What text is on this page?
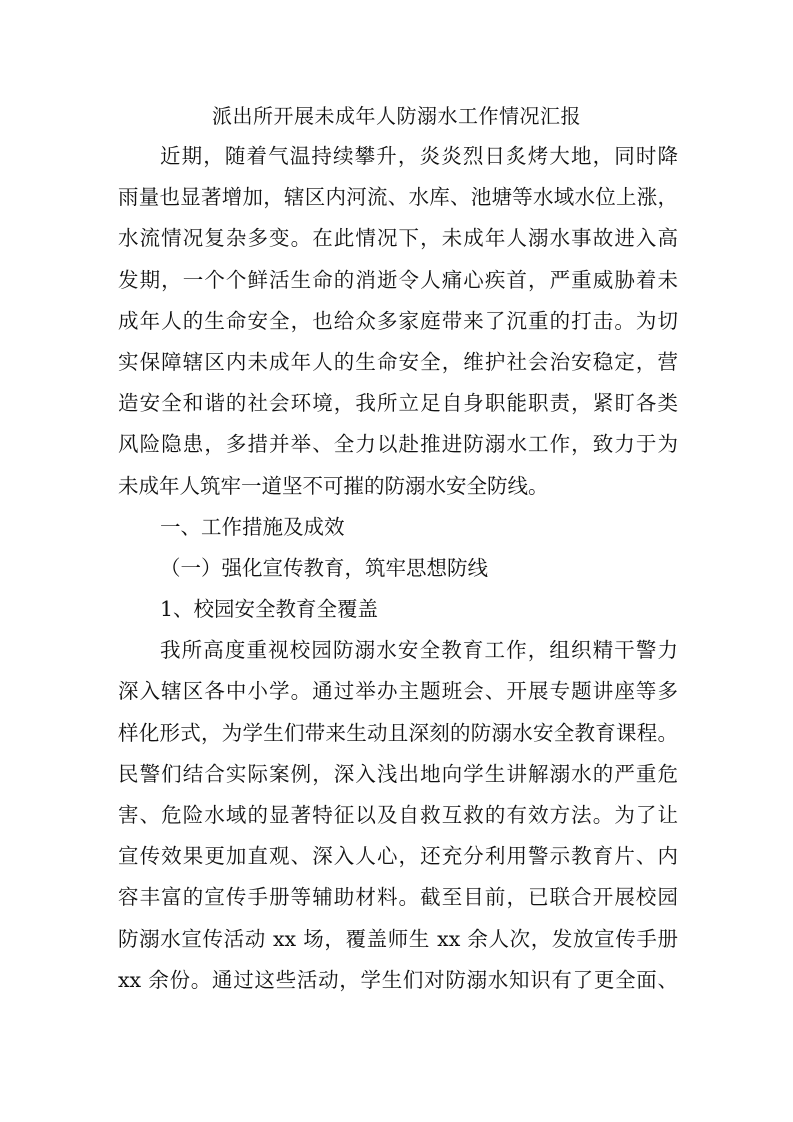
派出所开展未成年人防溺水工作情况汇报
近期，随着气温持续攀升，炎炎烈日炙烤大地，同时降
雨量也显著增加，辖区内河流、水库、池塘等水域水位上涨，
水流情况复杂多变。在此情况下，未成年人溺水事故进入高
发期，一个个鲜活生命的消逝令人痛心疾首，严重威胁着未
成年人的生命安全，也给众多家庭带来了沉重的打击。为切
实保障辖区内未成年人的生命安全，维护社会治安稳定，营
造安全和谐的社会环境，我所立足自身职能职责，紧盯各类
风险隐患，多措并举、全力以赴推进防溺水工作，致力于为
未成年人筑牢一道坚不可摧的防溺水安全防线。
一、工作措施及成效
（一）强化宣传教育，筑牢思想防线
1、校园安全教育全覆盖
我所高度重视校园防溺水安全教育工作，组织精干警力
深入辖区各中小学。通过举办主题班会、开展专题讲座等多
样化形式，为学生们带来生动且深刻的防溺水安全教育课程。
民警们结合实际案例，深入浅出地向学生讲解溺水的严重危
害、危险水域的显著特征以及自救互救的有效方法。为了让
宣传效果更加直观、深入人心，还充分利用警示教育片、内
容丰富的宣传手册等辅助材料。截至目前，已联合开展校园
防溺水宣传活动 xx 场，覆盖师生 xx 余人次，发放宣传手册
xx 余份。通过这些活动，学生们对防溺水知识有了更全面、
